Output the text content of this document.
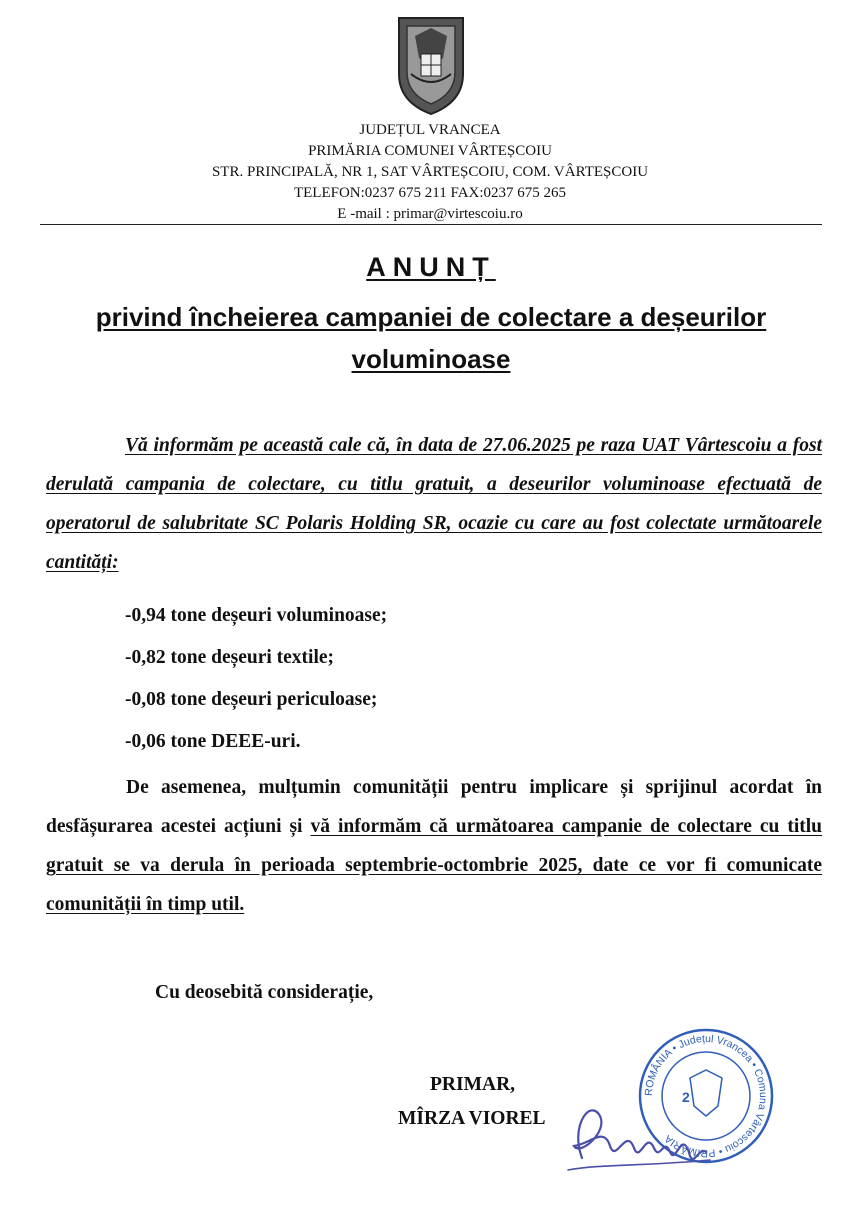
JUDEȚUL VRANCEA
PRIMĂRIA COMUNEI VÂRTEȘCOIU
STR. PRINCIPALĂ, NR 1, SAT VÂRTEȘCOIU, COM. VÂRTEȘCOIU
TELEFON:0237 675 211 FAX:0237 675 265
E -mail : primar@virtescoiu.ro
ANUNȚ
privind încheierea campaniei de colectare a deșeurilor voluminoase
Vă informăm pe această cale că, în data de 27.06.2025 pe raza UAT Vârtescoiu a fost derulată campania de colectare, cu titlu gratuit, a deseurilor voluminoase efectuată de operatorul de salubritate SC Polaris Holding SR, ocazie cu care au fost colectate următoarele cantități:
-0,94 tone deșeuri voluminoase;
-0,82 tone deșeuri textile;
-0,08 tone deșeuri periculoase;
-0,06 tone DEEE-uri.
De asemenea, mulțumin comunității pentru implicare și sprijinul acordat în desfășurarea acestei acțiuni și vă informăm că următoarea campanie de colectare cu titlu gratuit se va derula în perioada septembrie-octombrie 2025, date ce vor fi comunicate comunității în timp util.
Cu deosebită considerație,
PRIMAR,
MÎRZA VIOREL
ROMÂNIA • Județul Vrancea • Comuna Vârtescoiu • PRIMĂRIA
2
